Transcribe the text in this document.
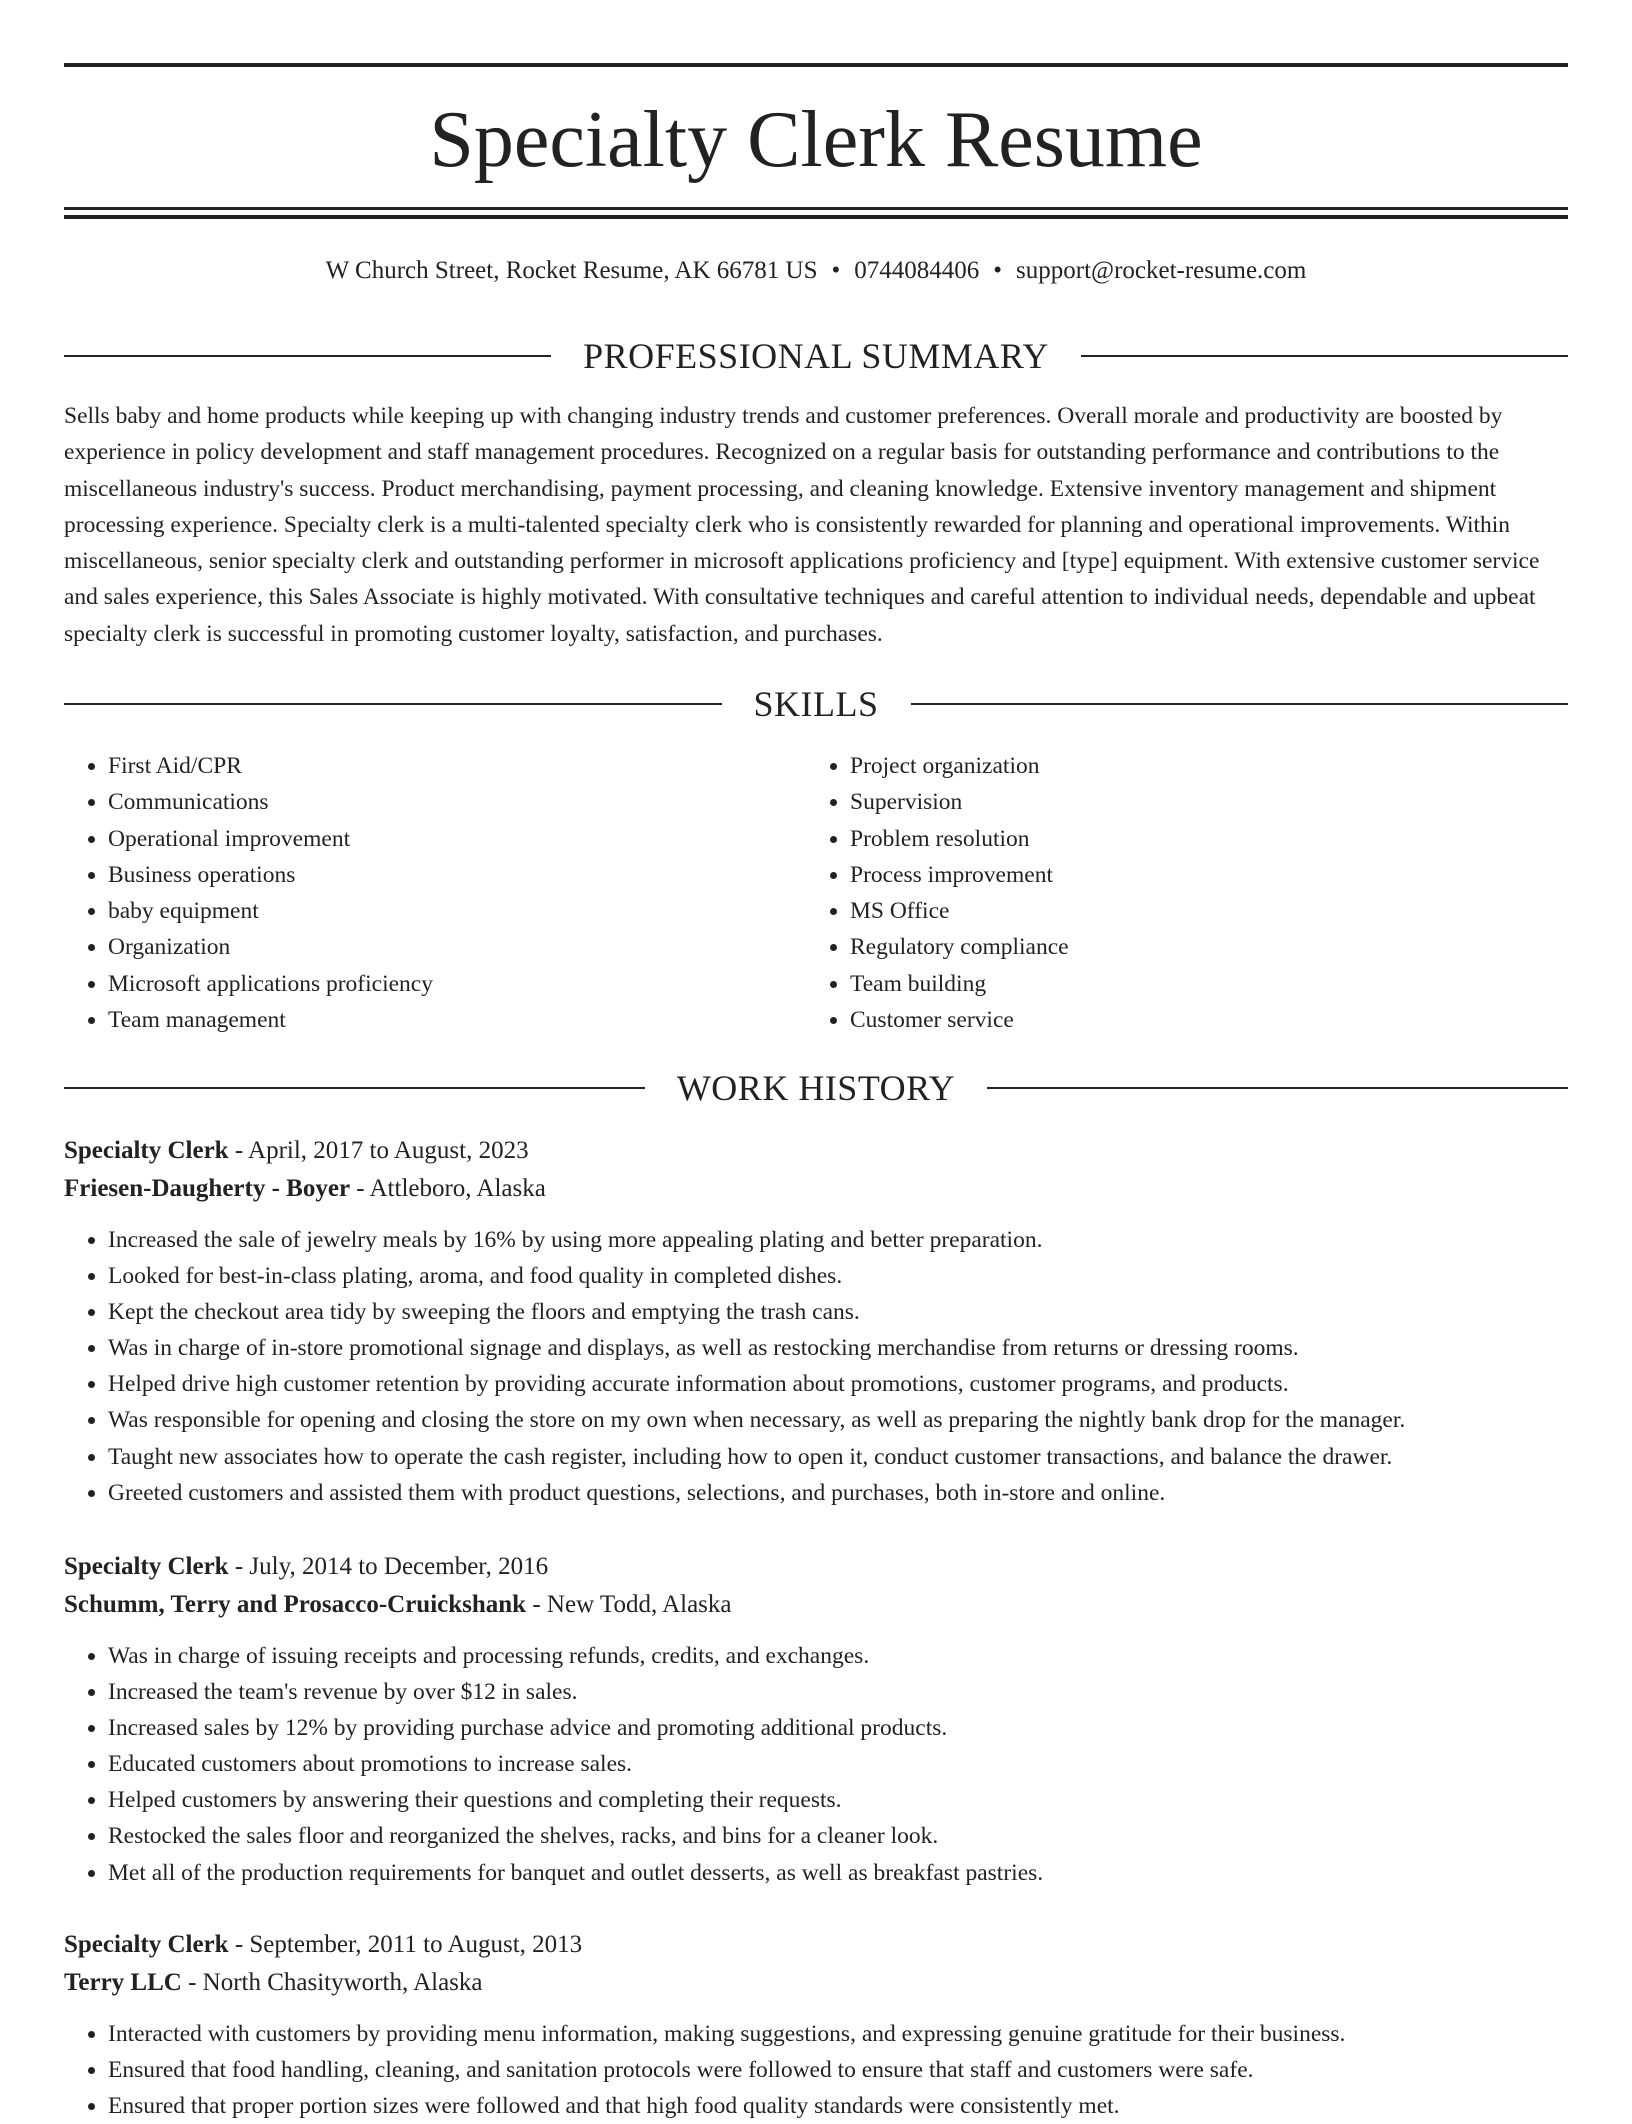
Specialty Clerk Resume
W Church Street, Rocket Resume, AK 66781 US • 0744084406 • support@rocket-resume.com
PROFESSIONAL SUMMARY

Sells baby and home products while keeping up with changing industry trends and customer preferences. Overall morale and productivity are boosted by experience in policy development and staff management procedures. Recognized on a regular basis for outstanding performance and contributions to the miscellaneous industry's success. Product merchandising, payment processing, and cleaning knowledge. Extensive inventory management and shipment processing experience. Specialty clerk is a multi-talented specialty clerk who is consistently rewarded for planning and operational improvements. Within miscellaneous, senior specialty clerk and outstanding performer in microsoft applications proficiency and [type] equipment. With extensive customer service and sales experience, this Sales Associate is highly motivated. With consultative techniques and careful attention to individual needs, dependable and upbeat specialty clerk is successful in promoting customer loyalty, satisfaction, and purchases.

SKILLS
• First Aid/CPR
• Communications
• Operational improvement
• Business operations
• baby equipment
• Organization
• Microsoft applications proficiency
• Team management
• Project organization
• Supervision
• Problem resolution
• Process improvement
• MS Office
• Regulatory compliance
• Team building
• Customer service
WORK HISTORY

Specialty Clerk - April, 2017 to August, 2023

Friesen-Daugherty - Boyer - Attleboro, Alaska

• Increased the sale of jewelry meals by 16% by using more appealing plating and better preparation.
• Looked for best-in-class plating, aroma, and food quality in completed dishes.
• Kept the checkout area tidy by sweeping the floors and emptying the trash cans.
• Was in charge of in-store promotional signage and displays, as well as restocking merchandise from returns or dressing rooms.
• Helped drive high customer retention by providing accurate information about promotions, customer programs, and products.
• Was responsible for opening and closing the store on my own when necessary, as well as preparing the nightly bank drop for the manager.
• Taught new associates how to operate the cash register, including how to open it, conduct customer transactions, and balance the drawer.
• Greeted customers and assisted them with product questions, selections, and purchases, both in-store and online.

Specialty Clerk - July, 2014 to December, 2016

Schumm, Terry and Prosacco-Cruickshank - New Todd, Alaska

• Was in charge of issuing receipts and processing refunds, credits, and exchanges.
• Increased the team's revenue by over $12 in sales.
• Increased sales by 12% by providing purchase advice and promoting additional products.
• Educated customers about promotions to increase sales.
• Helped customers by answering their questions and completing their requests.
• Restocked the sales floor and reorganized the shelves, racks, and bins for a cleaner look.
• Met all of the production requirements for banquet and outlet desserts, as well as breakfast pastries.

Specialty Clerk - September, 2011 to August, 2013

Terry LLC - North Chasityworth, Alaska

• Interacted with customers by providing menu information, making suggestions, and expressing genuine gratitude for their business.
• Ensured that food handling, cleaning, and sanitation protocols were followed to ensure that staff and customers were safe.
• Ensured that proper portion sizes were followed and that high food quality standards were consistently met.
